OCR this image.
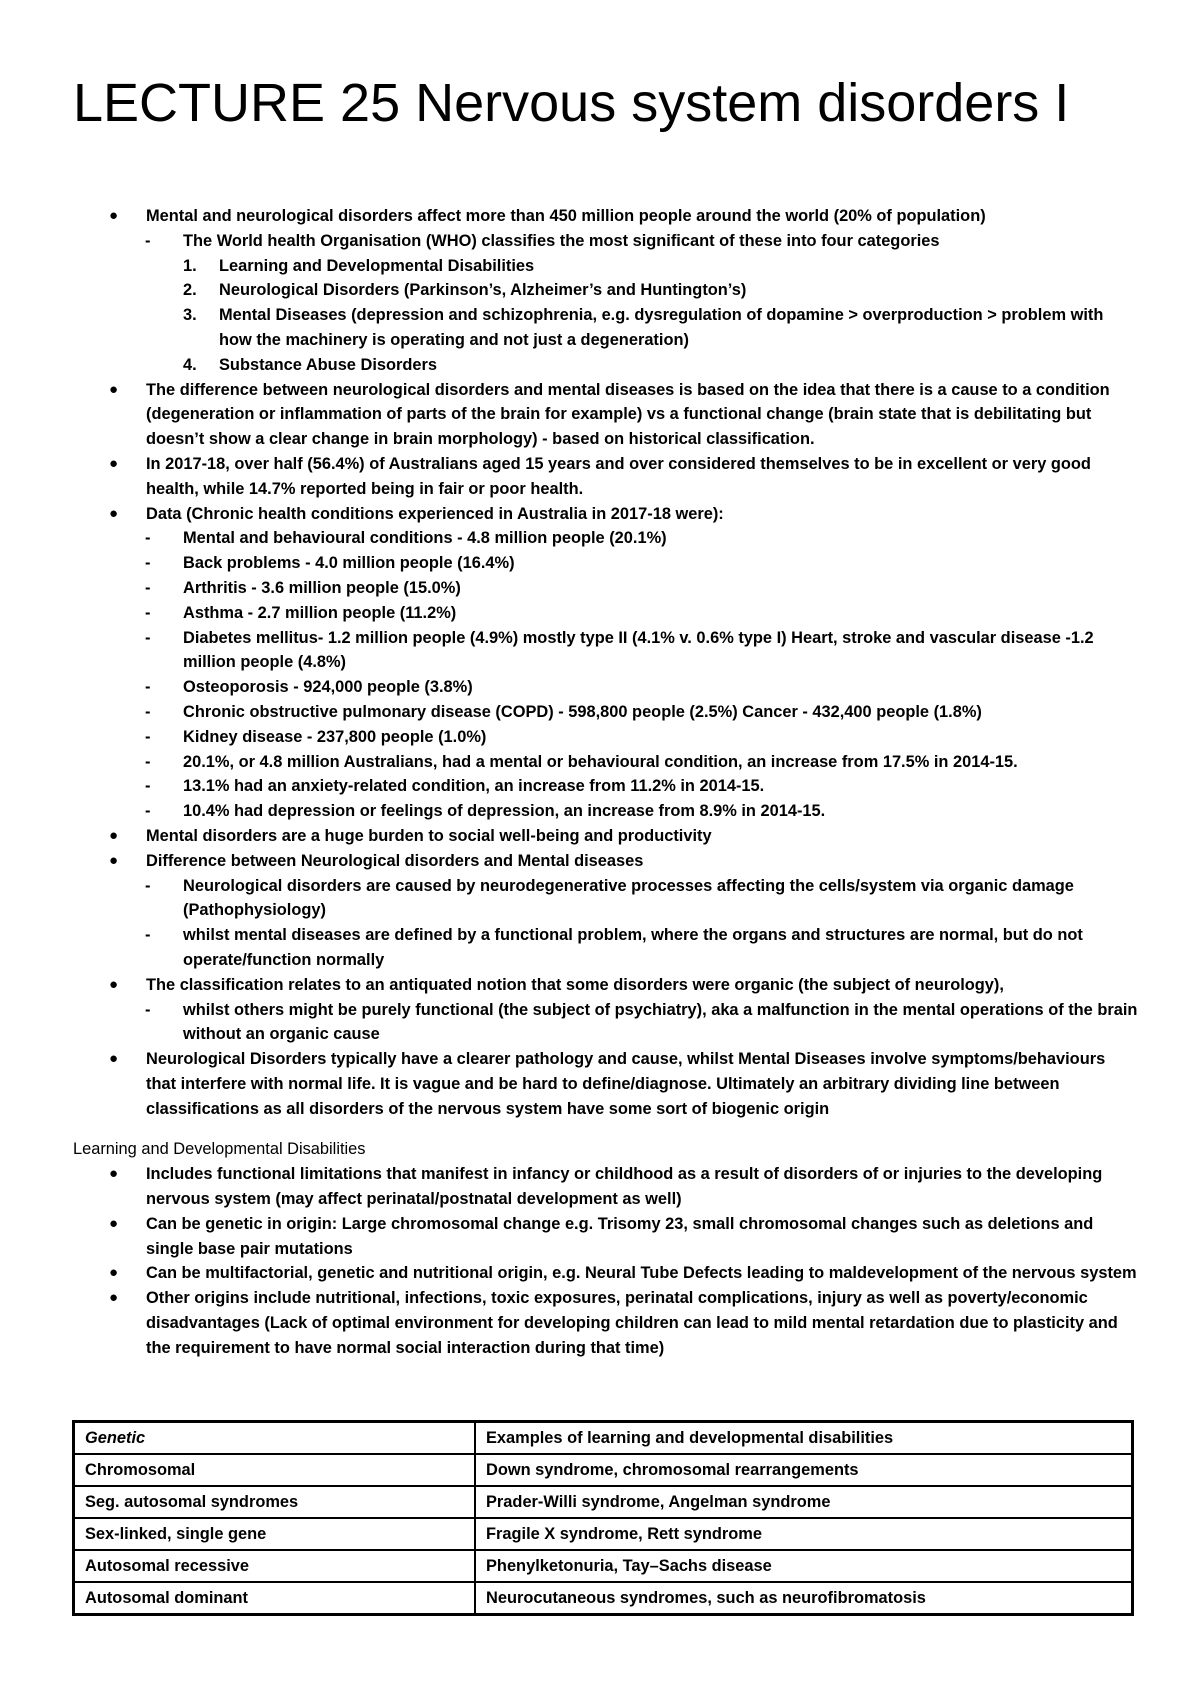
LECTURE 25 Nervous system disorders I
● Mental and neurological disorders affect more than 450 million people around the world (20% of population)
- The World health Organisation (WHO) classifies the most significant of these into four categories
1. Learning and Developmental Disabilities
2. Neurological Disorders (Parkinson’s, Alzheimer’s and Huntington’s)
3. Mental Diseases (depression and schizophrenia, e.g. dysregulation of dopamine > overproduction > problem with how the machinery is operating and not just a degeneration)
4. Substance Abuse Disorders
● The difference between neurological disorders and mental diseases is based on the idea that there is a cause to a condition (degeneration or inflammation of parts of the brain for example) vs a functional change (brain state that is debilitating but doesn’t show a clear change in brain morphology) - based on historical classification.
● In 2017-18, over half (56.4%) of Australians aged 15 years and over considered themselves to be in excellent or very good health, while 14.7% reported being in fair or poor health.
● Data (Chronic health conditions experienced in Australia in 2017-18 were):
- Mental and behavioural conditions - 4.8 million people (20.1%)
- Back problems - 4.0 million people (16.4%)
- Arthritis - 3.6 million people (15.0%)
- Asthma - 2.7 million people (11.2%)
- Diabetes mellitus- 1.2 million people (4.9%) mostly type II (4.1% v. 0.6% type I) Heart, stroke and vascular disease -1.2 million people (4.8%)
- Osteoporosis - 924,000 people (3.8%)
- Chronic obstructive pulmonary disease (COPD) - 598,800 people (2.5%) Cancer - 432,400 people (1.8%)
- Kidney disease - 237,800 people (1.0%)
- 20.1%, or 4.8 million Australians, had a mental or behavioural condition, an increase from 17.5% in 2014-15.
- 13.1% had an anxiety-related condition, an increase from 11.2% in 2014-15.
- 10.4% had depression or feelings of depression, an increase from 8.9% in 2014-15.
● Mental disorders are a huge burden to social well-being and productivity
● Difference between Neurological disorders and Mental diseases
- Neurological disorders are caused by neurodegenerative processes affecting the cells/system via organic damage (Pathophysiology)
- whilst mental diseases are defined by a functional problem, where the organs and structures are normal, but do not operate/function normally
● The classification relates to an antiquated notion that some disorders were organic (the subject of neurology),
- whilst others might be purely functional (the subject of psychiatry), aka a malfunction in the mental operations of the brain without an organic cause
● Neurological Disorders typically have a clearer pathology and cause, whilst Mental Diseases involve symptoms/behaviours that interfere with normal life. It is vague and be hard to define/diagnose. Ultimately an arbitrary dividing line between classifications as all disorders of the nervous system have some sort of biogenic origin
Learning and Developmental Disabilities
● Includes functional limitations that manifest in infancy or childhood as a result of disorders of or injuries to the developing nervous system (may affect perinatal/postnatal development as well)
● Can be genetic in origin: Large chromosomal change e.g. Trisomy 23, small chromosomal changes such as deletions and single base pair mutations
● Can be multifactorial, genetic and nutritional origin, e.g. Neural Tube Defects leading to maldevelopment of the nervous system
● Other origins include nutritional, infections, toxic exposures, perinatal complications, injury as well as poverty/economic disadvantages (Lack of optimal environment for developing children can lead to mild mental retardation due to plasticity and the requirement to have normal social interaction during that time)
Genetic	Examples of learning and developmental disabilities
Chromosomal	Down syndrome, chromosomal rearrangements
Seg. autosomal syndromes	Prader-Willi syndrome, Angelman syndrome
Sex-linked, single gene	Fragile X syndrome, Rett syndrome
Autosomal recessive	Phenylketonuria, Tay–Sachs disease
Autosomal dominant	Neurocutaneous syndromes, such as neurofibromatosis
